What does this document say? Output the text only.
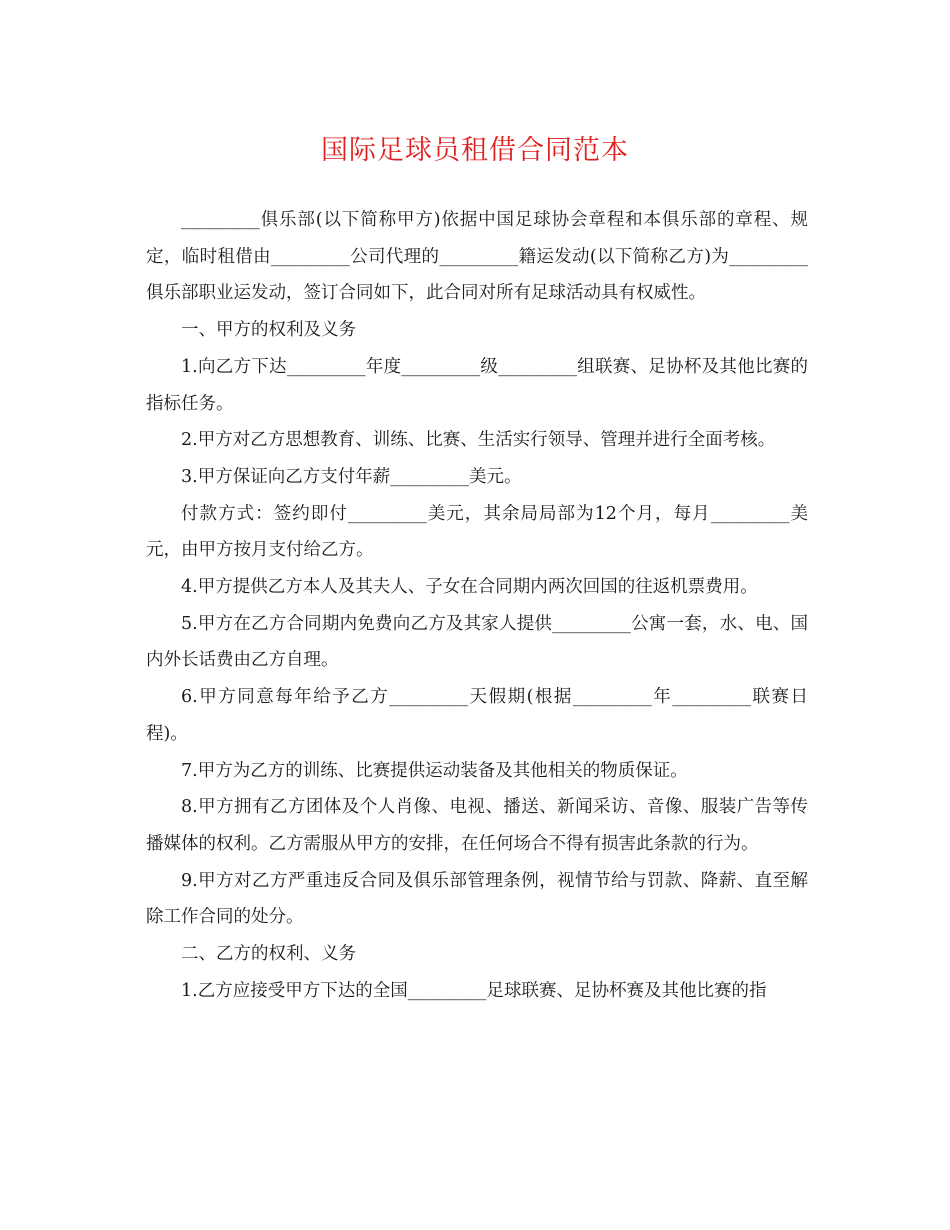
国际足球员租借合同范本

_________俱乐部(以下简称甲方)依据中国足球协会章程和本俱乐部的章程、规定，临时租借由_________公司代理的_________籍运发动(以下简称乙方)为_________俱乐部职业运发动，签订合同如下，此合同对所有足球活动具有权威性。

一、甲方的权利及义务

1.向乙方下达_________年度_________级_________组联赛、足协杯及其他比赛的指标任务。

2.甲方对乙方思想教育、训练、比赛、生活实行领导、管理并进行全面考核。

3.甲方保证向乙方支付年薪_________美元。

付款方式：签约即付_________美元，其余局局部为12个月，每月_________美元，由甲方按月支付给乙方。

4.甲方提供乙方本人及其夫人、子女在合同期内两次回国的往返机票费用。

5.甲方在乙方合同期内免费向乙方及其家人提供_________公寓一套，水、电、国内外长话费由乙方自理。

6.甲方同意每年给予乙方_________天假期(根据_________年_________联赛日程)。

7.甲方为乙方的训练、比赛提供运动装备及其他相关的物质保证。

8.甲方拥有乙方团体及个人肖像、电视、播送、新闻采访、音像、服装广告等传播媒体的权利。乙方需服从甲方的安排，在任何场合不得有损害此条款的行为。

9.甲方对乙方严重违反合同及俱乐部管理条例，视情节给与罚款、降薪、直至解除工作合同的处分。

二、乙方的权利、义务

1.乙方应接受甲方下达的全国_________足球联赛、足协杯赛及其他比赛的指
